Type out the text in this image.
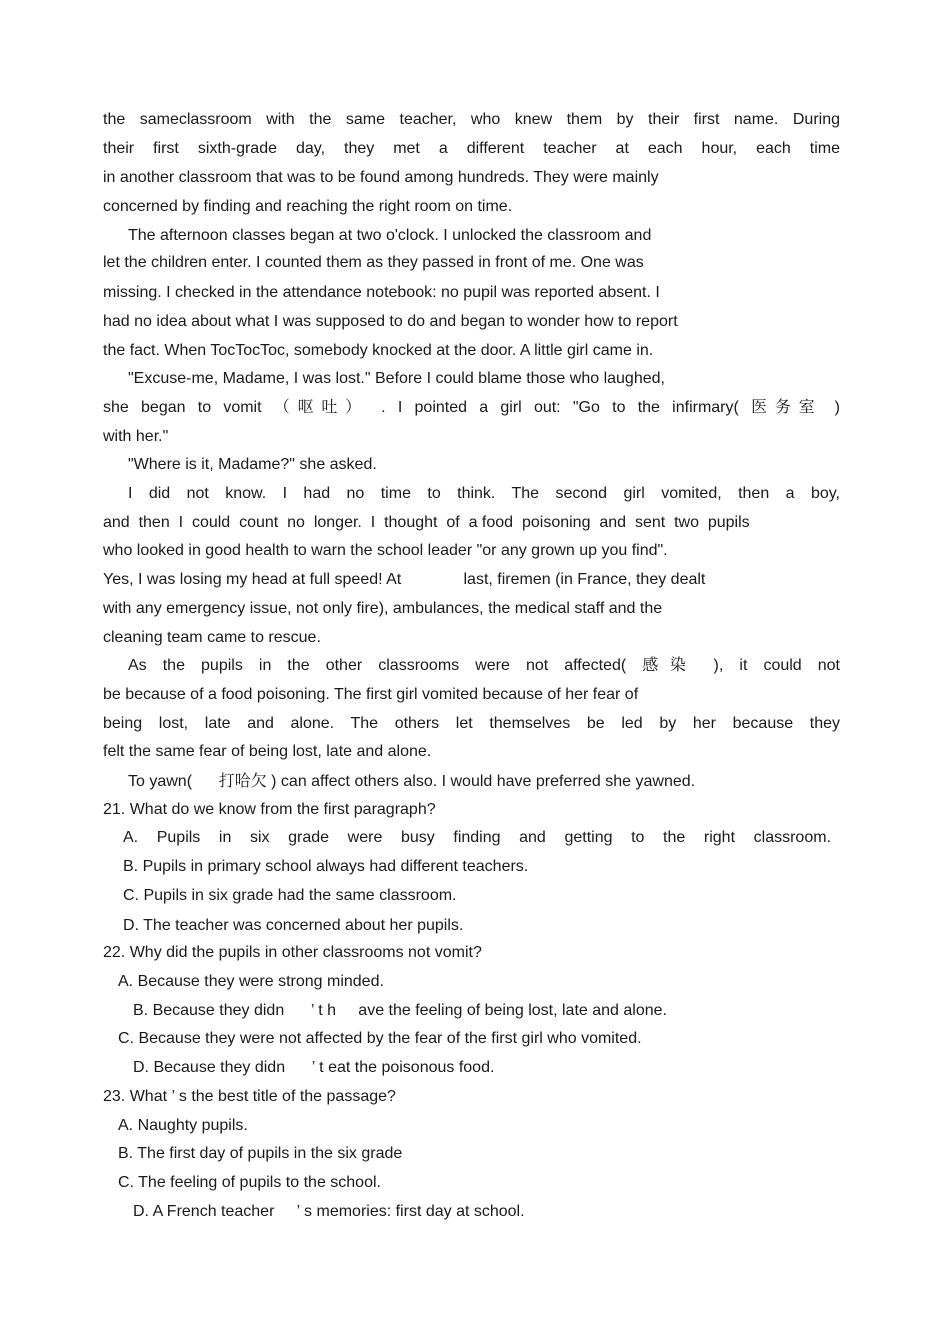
the sameclassroom with the same teacher, who knew them by their first name. During
their first sixth-grade day, they met a different teacher at each hour, each time
in another classroom that was to be found among hundreds. They were mainly
concerned by finding and reaching the right room on time.
The afternoon classes began at two o'clock. I unlocked the classroom and
let the children enter. I counted them as they passed in front of me. One was
missing. I checked in the attendance notebook: no pupil was reported absent. I
had no idea about what I was supposed to do and began to wonder how to report
the fact. When TocTocToc, somebody knocked at the door. A little girl came in.
"Excuse-me, Madame, I was lost." Before I could blame those who laughed,
she began to vomit （呕吐） . I pointed a girl out: "Go to the infirmary( 医务室 )
with her."
"Where is it, Madame?" she asked.
I did not know. I had no time to think. The second girl vomited, then a boy,
and  then  I  could  count  no  longer.  I  thought  of  a food  poisoning  and  sent  two  pupils
who looked in good health to warn the school leader "or any grown up you find".
Yes, I was losing my head at full speed! At              last, firemen (in France, they dealt
with any emergency issue, not only fire), ambulances, the medical staff and the
cleaning team came to rescue.
As the pupils in the other classrooms were not affected( 感染 ), it could not
be because of a food poisoning. The first girl vomited because of her fear of
being lost, late and alone. The others let themselves be led by her because they
felt the same fear of being lost, late and alone.
To yawn(      打哈欠 ) can affect others also. I would have preferred she yawned.
21. What do we know from the first paragraph?
A. Pupils in six grade were busy finding and getting to the right classroom.
B. Pupils in primary school always had different teachers.
C. Pupils in six grade had the same classroom.
D. The teacher was concerned about her pupils.
22. Why did the pupils in other classrooms not vomit?
A. Because they were strong minded.
B. Because they didn      ’ t h     ave the feeling of being lost, late and alone.
C. Because they were not affected by the fear of the first girl who vomited.
D. Because they didn      ’ t eat the poisonous food.
23. What ’ s the best title of the passage?
A. Naughty pupils.
B. The first day of pupils in the six grade
C. The feeling of pupils to the school.
D. A French teacher     ’ s memories: first day at school.
